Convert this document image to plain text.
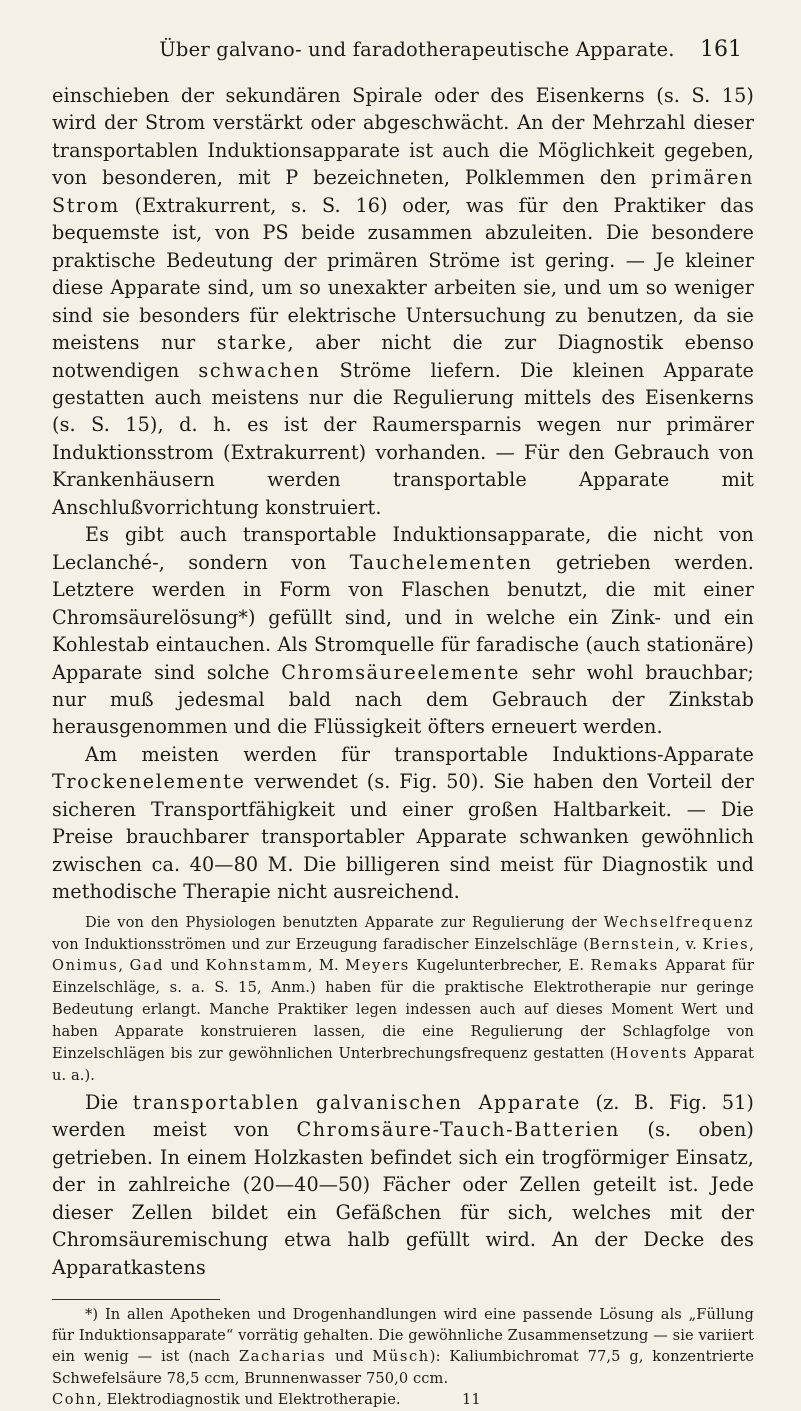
Über galvano- und faradotherapeutische Apparate.	161

einschieben der sekundären Spirale oder des Eisenkerns (s. S. 15) wird der Strom verstärkt oder abgeschwächt. An der Mehrzahl dieser transportablen Induktionsapparate ist auch die Möglichkeit gegeben, von besonderen, mit P bezeichneten, Polklemmen den primären Strom (Extrakurrent, s. S. 16) oder, was für den Praktiker das bequemste ist, von PS beide zusammen abzuleiten. Die besondere praktische Bedeutung der primären Ströme ist gering. — Je kleiner diese Apparate sind, um so unexakter arbeiten sie, und um so weniger sind sie besonders für elektrische Untersuchung zu benutzen, da sie meistens nur starke, aber nicht die zur Diagnostik ebenso notwendigen schwachen Ströme liefern. Die kleinen Apparate gestatten auch meistens nur die Regulierung mittels des Eisenkerns (s. S. 15), d. h. es ist der Raumersparnis wegen nur primärer Induktionsstrom (Extrakurrent) vorhanden. — Für den Gebrauch von Krankenhäusern werden transportable Apparate mit Anschlußvorrichtung konstruiert.

Es gibt auch transportable Induktionsapparate, die nicht von Leclanché-, sondern von Tauchelementen getrieben werden. Letztere werden in Form von Flaschen benutzt, die mit einer Chromsäurelösung*) gefüllt sind, und in welche ein Zink- und ein Kohlestab eintauchen. Als Stromquelle für faradische (auch stationäre) Apparate sind solche Chromsäureelemente sehr wohl brauchbar; nur muß jedesmal bald nach dem Gebrauch der Zinkstab herausgenommen und die Flüssigkeit öfters erneuert werden.

Am meisten werden für transportable Induktions-Apparate Trockenelemente verwendet (s. Fig. 50). Sie haben den Vorteil der sicheren Transportfähigkeit und einer großen Haltbarkeit. — Die Preise brauchbarer transportabler Apparate schwanken gewöhnlich zwischen ca. 40—80 M. Die billigeren sind meist für Diagnostik und methodische Therapie nicht ausreichend.

Die von den Physiologen benutzten Apparate zur Regulierung der Wechselfrequenz von Induktionsströmen und zur Erzeugung faradischer Einzelschläge (Bernstein, v. Kries, Onimus, Gad und Kohnstamm, M. Meyers Kugelunterbrecher, E. Remaks Apparat für Einzelschläge, s. a. S. 15, Anm.) haben für die praktische Elektrotherapie nur geringe Bedeutung erlangt. Manche Praktiker legen indessen auch auf dieses Moment Wert und haben Apparate konstruieren lassen, die eine Regulierung der Schlagfolge von Einzelschlägen bis zur gewöhnlichen Unterbrechungsfrequenz gestatten (Hovents Apparat u. a.).

Die transportablen galvanischen Apparate (z. B. Fig. 51) werden meist von Chromsäure-Tauch-Batterien (s. oben) getrieben. In einem Holzkasten befindet sich ein trogförmiger Einsatz, der in zahlreiche (20—40—50) Fächer oder Zellen geteilt ist. Jede dieser Zellen bildet ein Gefäßchen für sich, welches mit der Chromsäuremischung etwa halb gefüllt wird. An der Decke des Apparatkastens

*) In allen Apotheken und Drogenhandlungen wird eine passende Lösung als „Füllung für Induktionsapparate“ vorrätig gehalten. Die gewöhnliche Zusammensetzung — sie variiert ein wenig — ist (nach Zacharias und Müsch): Kaliumbichromat 77,5 g, konzentrierte Schwefelsäure 78,5 ccm, Brunnenwasser 750,0 ccm.

Cohn, Elektrodiagnostik und Elektrotherapie.	11
